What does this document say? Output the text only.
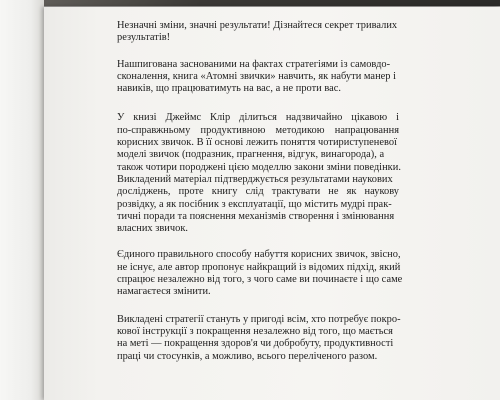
Незначні зміни, значні результати! Дізнайтеся секрет тривалих
результатів!
Нашпигована заснованими на фактах стратегіями із самовдо-
сконалення, книга «Атомні звички» навчить, як набути манер і
навиків, що працюватимуть на вас, а не проти вас.
У книзі Джеймс Клір ділиться надзвичайно цікавою і
по-справжньому продуктивною методикою напрацювання
корисних звичок. В її основі лежить поняття чотириступеневої
моделі звичок (подразник, прагнення, відгук, винагорода), а
також чотири породжені цією моделлю закони зміни поведінки.
Викладений матеріал підтверджується результатами наукових
досліджень, проте книгу слід трактувати не як наукову
розвідку, а як посібник з експлуатації, що містить мудрі прак-
тичні поради та пояснення механізмів створення і змінювання
власних звичок.
Єдиного правильного способу набуття корисних звичок, звісно,
не існує, але автор пропонує найкращий із відомих підхід, який
спрацює незалежно від того, з чого саме ви починаєте і що саме
намагаєтеся змінити.
Викладені стратегії стануть у пригоді всім, хто потребує покро-
кової інструкції з покращення незалежно від того, що мається
на меті — покращення здоров'я чи добробуту, продуктивності
праці чи стосунків, а можливо, всього переліченого разом.
